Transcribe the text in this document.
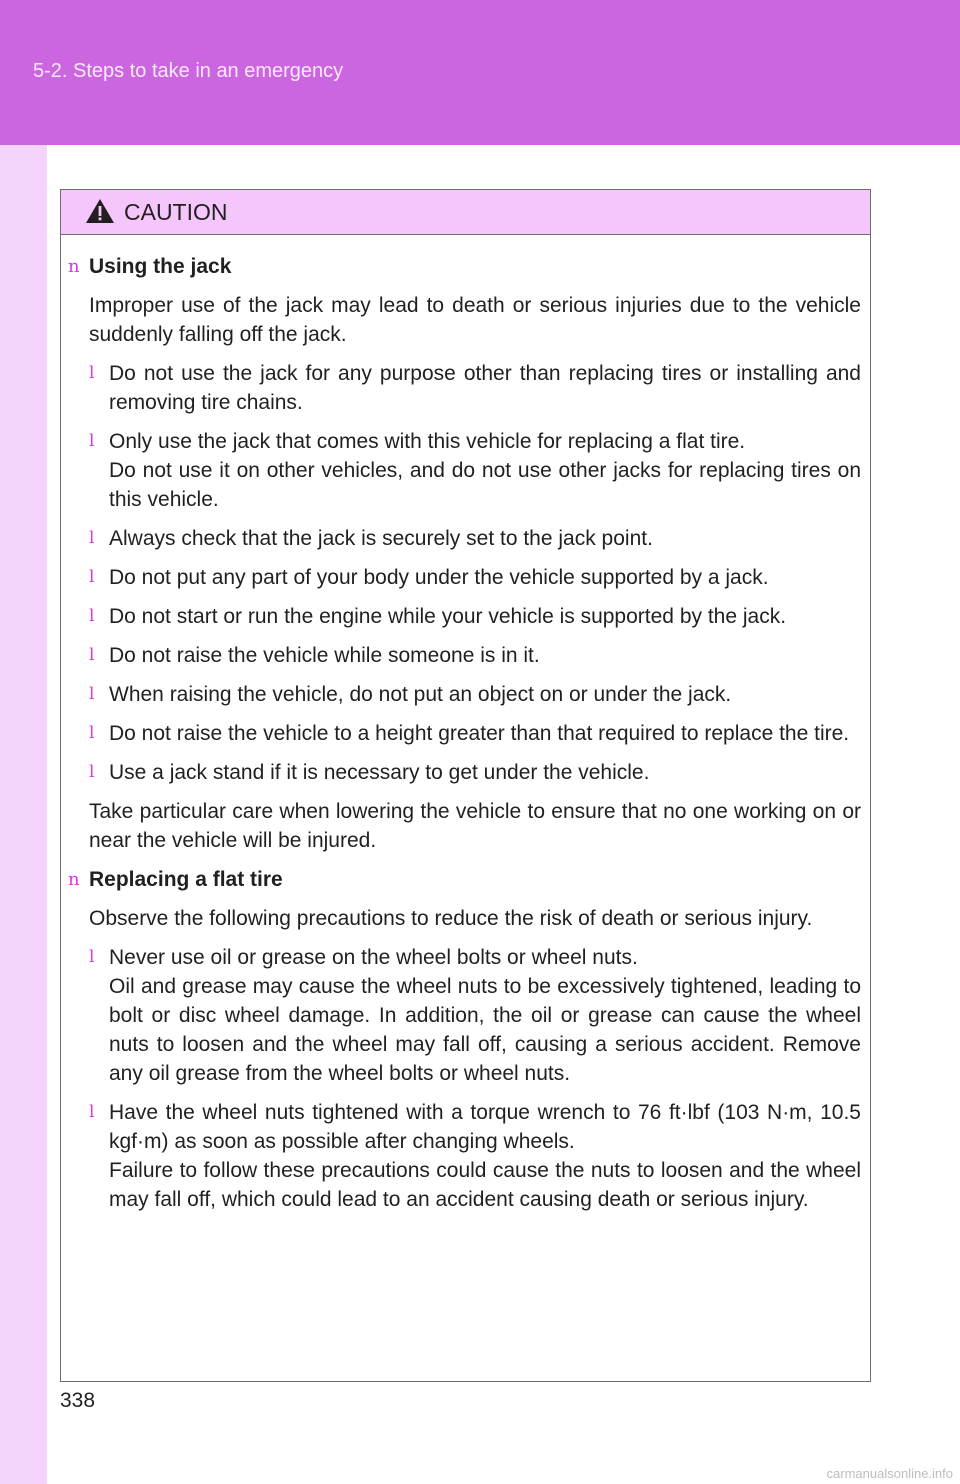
5-2. Steps to take in an emergency
CAUTION
n Using the jack

Improper use of the jack may lead to death or serious injuries due to the vehicle suddenly falling off the jack.

l Do not use the jack for any purpose other than replacing tires or installing and removing tire chains.
l Only use the jack that comes with this vehicle for replacing a flat tire.
Do not use it on other vehicles, and do not use other jacks for replacing tires on this vehicle.
l Always check that the jack is securely set to the jack point.
l Do not put any part of your body under the vehicle supported by a jack.
l Do not start or run the engine while your vehicle is supported by the jack.
l Do not raise the vehicle while someone is in it.
l When raising the vehicle, do not put an object on or under the jack.
l Do not raise the vehicle to a height greater than that required to replace the tire.
l Use a jack stand if it is necessary to get under the vehicle.

Take particular care when lowering the vehicle to ensure that no one working on or near the vehicle will be injured.

n Replacing a flat tire

Observe the following precautions to reduce the risk of death or serious injury.

l Never use oil or grease on the wheel bolts or wheel nuts.
Oil and grease may cause the wheel nuts to be excessively tightened, leading to bolt or disc wheel damage. In addition, the oil or grease can cause the wheel nuts to loosen and the wheel may fall off, causing a serious accident. Remove any oil grease from the wheel bolts or wheel nuts.
l Have the wheel nuts tightened with a torque wrench to 76 ft·lbf (103 N·m, 10.5 kgf·m) as soon as possible after changing wheels.
Failure to follow these precautions could cause the nuts to loosen and the wheel may fall off, which could lead to an accident causing death or serious injury.
338
carmanualsonline.info
